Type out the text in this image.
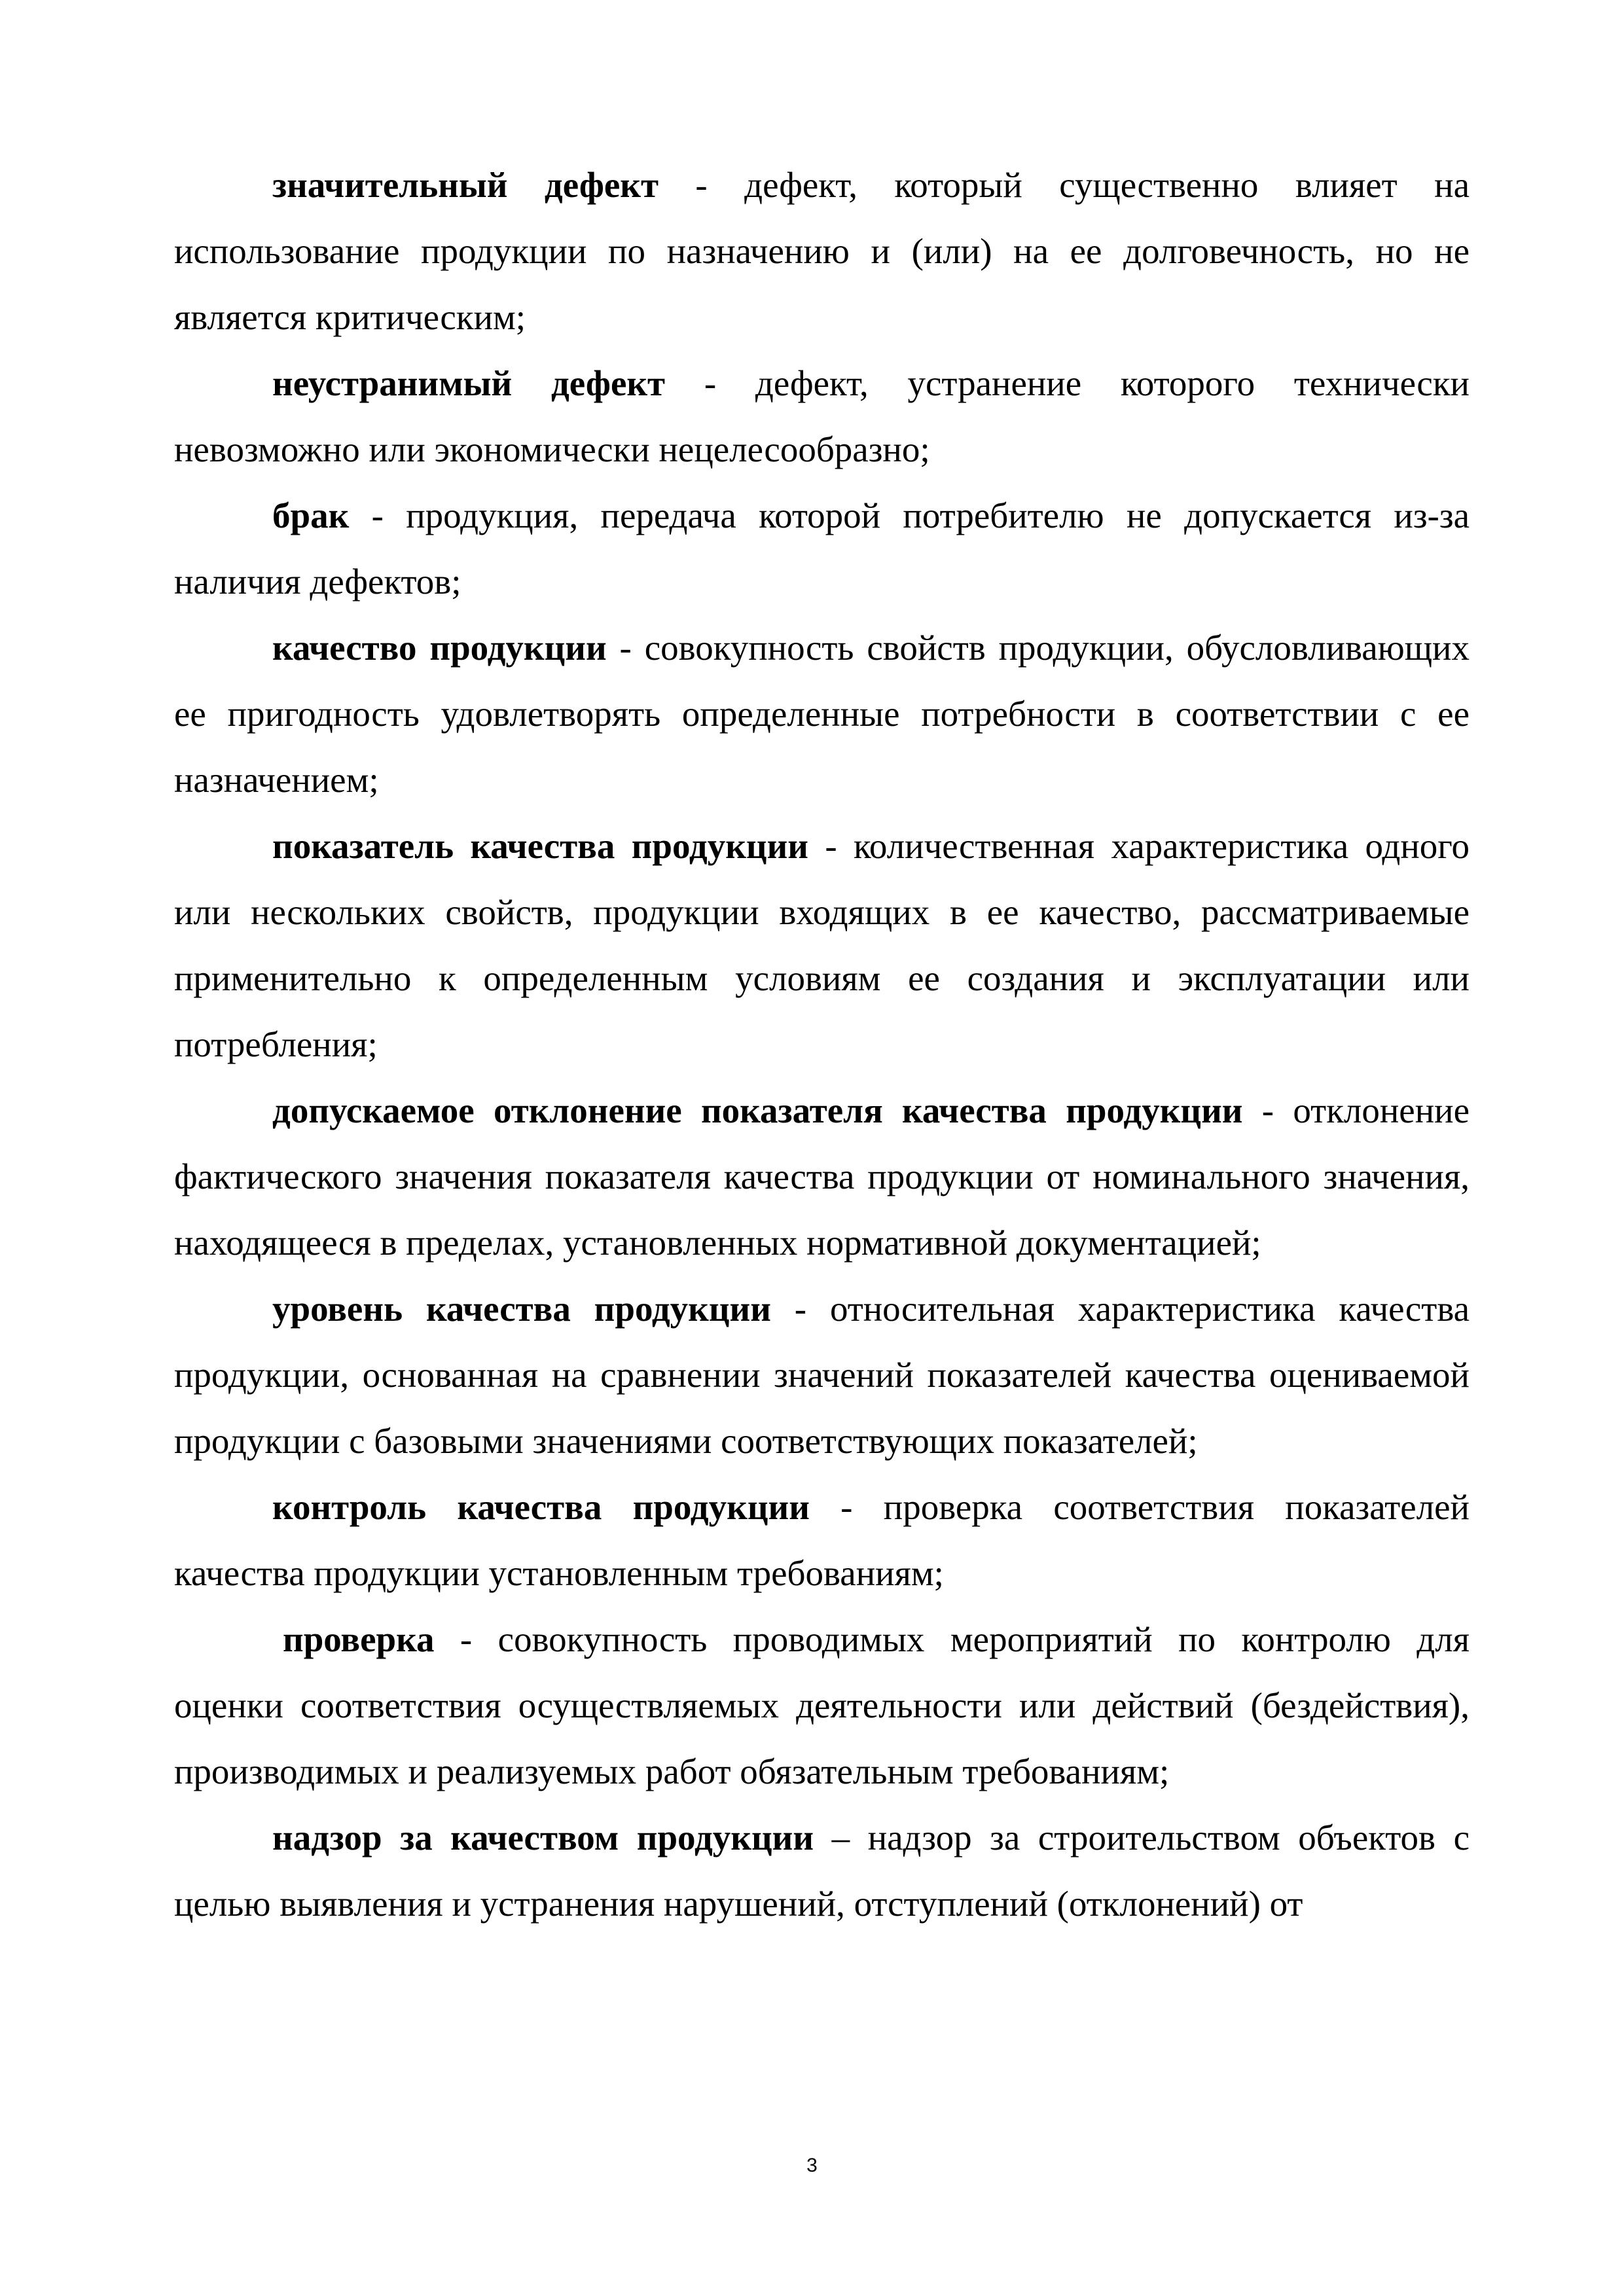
значительный дефект - дефект, который существенно влияет на использование продукции по назначению и (или) на ее долговечность, но не является критическим;

неустранимый дефект - дефект, устранение которого технически невозможно или экономически нецелесообразно;

брак - продукция, передача которой потребителю не допускается из-за наличия дефектов;

качество продукции - совокупность свойств продукции, обусловливающих ее пригодность удовлетворять определенные потребности в соответствии с ее назначением;

показатель качества продукции - количественная характеристика одного или нескольких свойств, продукции входящих в ее качество, рассматриваемые применительно к определенным условиям ее создания и эксплуатации или потребления;

допускаемое отклонение показателя качества продукции - отклонение фактического значения показателя качества продукции от номинального значения, находящееся в пределах, установленных нормативной документацией;

уровень качества продукции - относительная характеристика качества продукции, основанная на сравнении значений показателей качества оцениваемой продукции с базовыми значениями соответствующих показателей;

контроль качества продукции - проверка соответствия показателей качества продукции установленным требованиям;

проверка - совокупность проводимых мероприятий по контролю для оценки соответствия осуществляемых деятельности или действий (бездействия), производимых и реализуемых работ обязательным требованиям;

надзор за качеством продукции – надзор за строительством объектов с целью выявления и устранения нарушений, отступлений (отклонений) от

3
